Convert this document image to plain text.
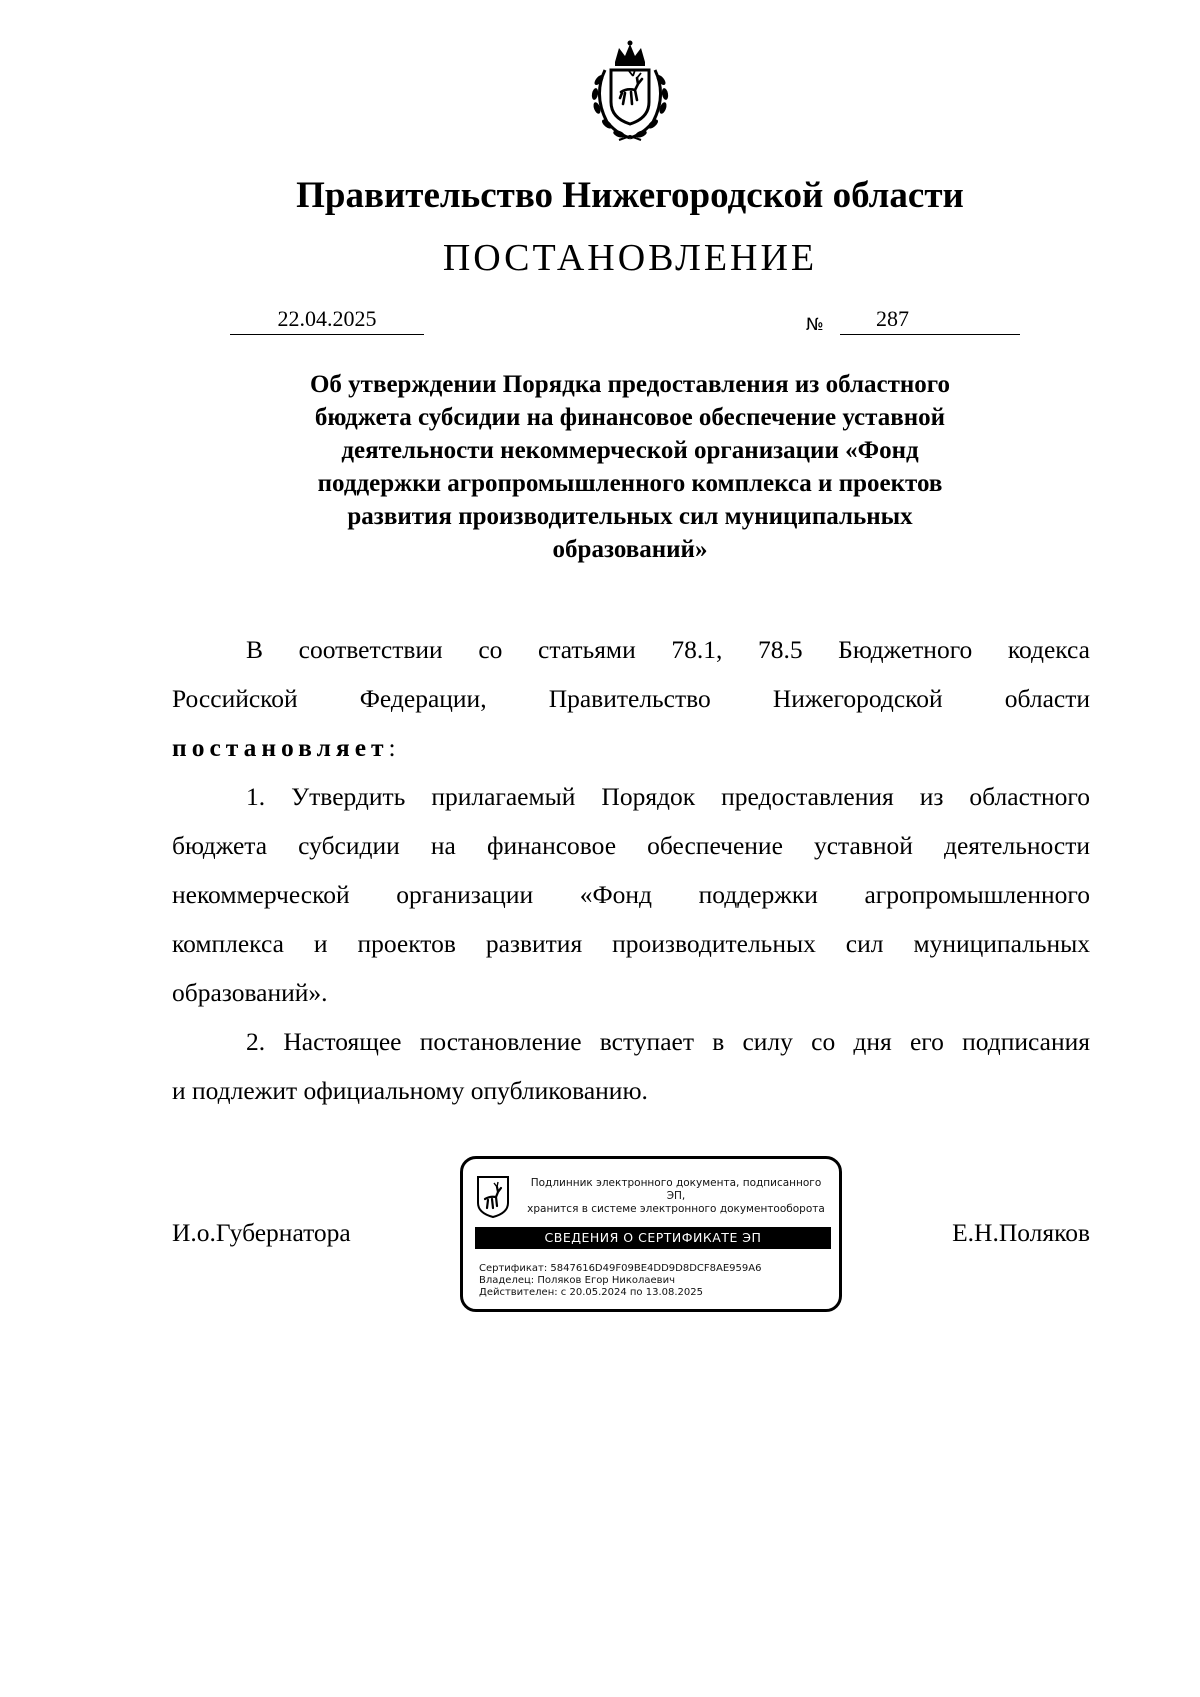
Правительство Нижегородской области
ПОСТАНОВЛЕНИЕ
22.04.2025	№ 287
Об утверждении Порядка предоставления из областного
бюджета субсидии на финансовое обеспечение уставной
деятельности некоммерческой организации «Фонд
поддержки агропромышленного комплекса и проектов
развития производительных сил муниципальных
образований»
В соответствии со статьями 78.1, 78.5 Бюджетного кодекса
Российской Федерации, Правительство Нижегородской области
постановляет:
1. Утвердить прилагаемый Порядок предоставления из областного
бюджета субсидии на финансовое обеспечение уставной деятельности
некоммерческой организации «Фонд поддержки агропромышленного
комплекса и проектов развития производительных сил муниципальных
образований».
2. Настоящее постановление вступает в силу со дня его подписания
и подлежит официальному опубликованию.
И.о.Губернатора	Е.Н.Поляков
Подлинник электронного документа, подписанного ЭП,
хранится в системе электронного документооборота
СВЕДЕНИЯ О СЕРТИФИКАТЕ ЭП
Сертификат: 5847616D49F09BE4DD9D8DCF8AE959A6
Владелец: Поляков Егор Николаевич
Действителен: с 20.05.2024 по 13.08.2025
